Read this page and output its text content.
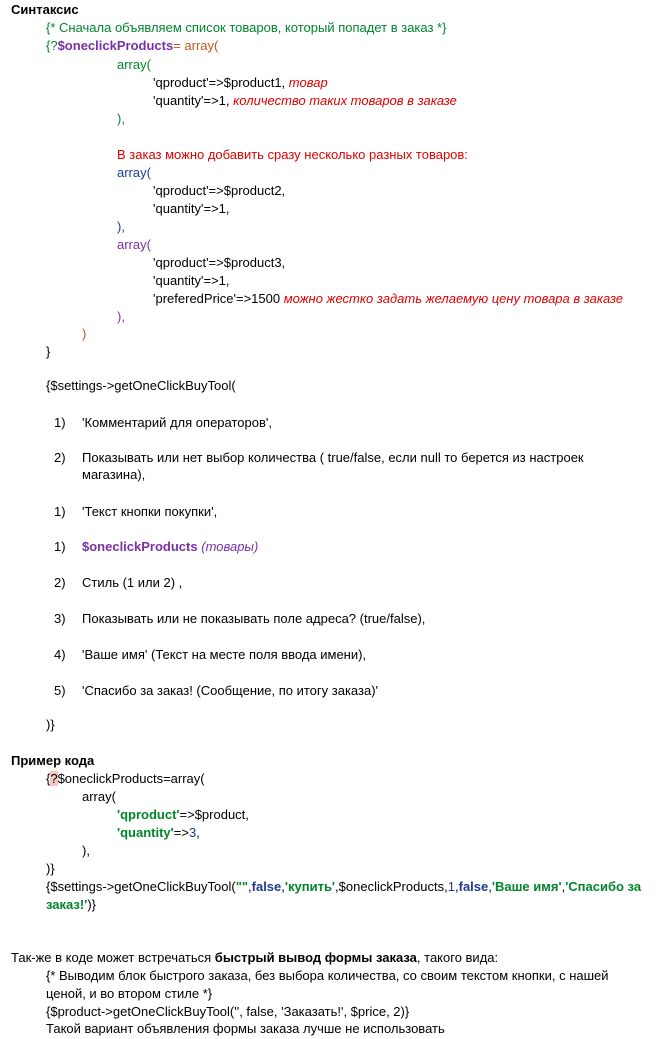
Синтаксис
{* Сначала объявляем список товаров, который попадет в заказ *}
{?$oneclickProducts= array(
array(
'qproduct'=>$product1, товар
'quantity'=>1, количество таких товаров в заказе
),
В заказ можно добавить сразу несколько разных товаров:
array(
'qproduct'=>$product2,
'quantity'=>1,
),
array(
'qproduct'=>$product3,
'quantity'=>1,
'preferedPrice'=>1500 можно жестко задать желаемую цену товара в заказе
),
)
}
{$settings->getOneClickBuyTool(
1) 'Комментарий для операторов',
2) Показывать или нет выбор количества ( true/false, если null то берется из настроек
магазина),
1) 'Текст кнопки покупки',
1) $oneclickProducts (товары)
2) Стиль (1 или 2) ,
3) Показывать или не показывать поле адреса? (true/false),
4) 'Ваше имя' (Текст на месте поля ввода имени),
5) 'Спасибо за заказ! (Сообщение, по итогу заказа)'
)}
Пример кода
{?$oneclickProducts=array(
array(
'qproduct'=>$product,
'quantity'=>3,
),
)}
{$settings->getOneClickBuyTool("",false,'купить',$oneclickProducts,1,false,'Ваше имя','Спасибо за
заказ!')}
Так-же в коде может встречаться быстрый вывод формы заказа, такого вида:
{* Выводим блок быстрого заказа, без выбора количества, со своим текстом кнопки, с нашей
ценой, и во втором стиле *}
{$product->getOneClickBuyTool('', false, 'Заказать!', $price, 2)}
Такой вариант объявления формы заказа лучше не использовать
